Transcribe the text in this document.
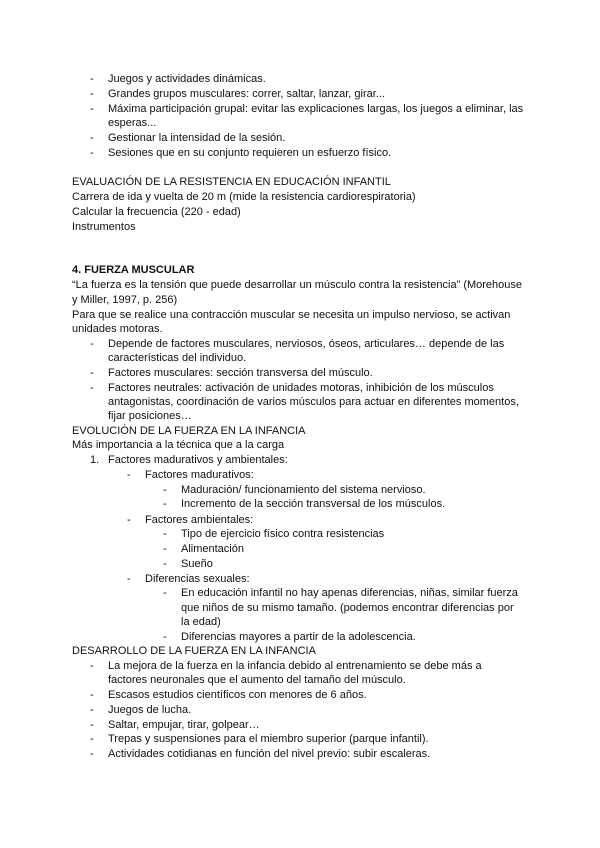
- Juegos y actividades dinámicas.
- Grandes grupos musculares: correr, saltar, lanzar, girar...
- Máxima participación grupal: evitar las explicaciones largas, los juegos a eliminar, las
esperas...
- Gestionar la intensidad de la sesión.
- Sesiones que en su conjunto requieren un esfuerzo físico.
EVALUACIÓN DE LA RESISTENCIA EN EDUCACIÓN INFANTIL
Carrera de ida y vuelta de 20 m (mide la resistencia cardiorespiratoria)
Calcular la frecuencia (220 - edad)
Instrumentos
4. FUERZA MUSCULAR
“La fuerza es la tensión que puede desarrollar un músculo contra la resistencia” (Morehouse
y Miller, 1997, p. 256)
Para que se realice una contracción muscular se necesita un impulso nervioso, se activan
unidades motoras.
- Depende de factores musculares, nerviosos, óseos, articulares… depende de las
características del individuo.
- Factores musculares: sección transversa del músculo.
- Factores neutrales: activación de unidades motoras, inhibición de los músculos
antagonistas, coordinación de varios músculos para actuar en diferentes momentos,
fijar posiciones…
EVOLUCIÓN DE LA FUERZA EN LA INFANCIA
Más importancia a la técnica que a la carga
1. Factores madurativos y ambientales:
- Factores madurativos:
- Maduración/ funcionamiento del sistema nervioso.
- Incremento de la sección transversal de los músculos.
- Factores ambientales:
- Tipo de ejercicio físico contra resistencias
- Alimentación
- Sueño
- Diferencias sexuales:
- En educación infantil no hay apenas diferencias, niñas, similar fuerza
que niños de su mismo tamaño. (podemos encontrar diferencias por
la edad)
- Diferencias mayores a partir de la adolescencia.
DESARROLLO DE LA FUERZA EN LA INFANCIA
- La mejora de la fuerza en la infancia debido al entrenamiento se debe más a
factores neuronales que el aumento del tamaño del músculo.
- Escasos estudios científicos con menores de 6 años.
- Juegos de lucha.
- Saltar, empujar, tirar, golpear…
- Trepas y suspensiones para el miembro superior (parque infantil).
- Actividades cotidianas en función del nivel previo: subir escaleras.
